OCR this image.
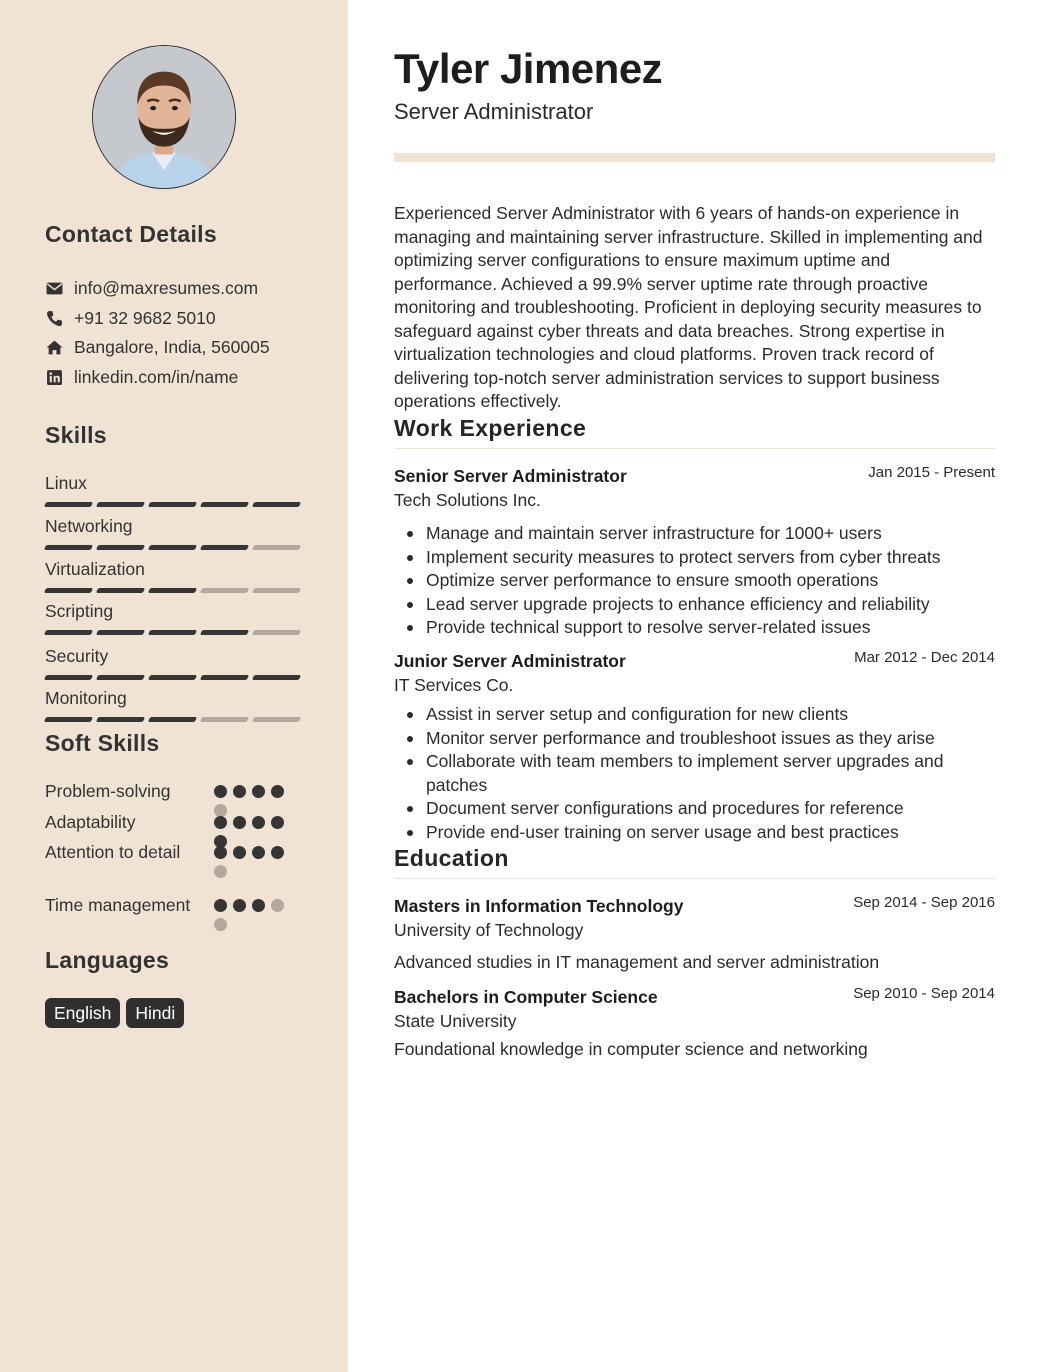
Contact Details
info@maxresumes.com
+91 32 9682 5010
Bangalore, India, 560005
linkedin.com/in/name
Skills
Linux
Networking
Virtualization
Scripting
Security
Monitoring
Soft Skills
Problem-solving
Adaptability
Attention to detail
Time management
Languages
English	Hindi
Tyler Jimenez
Server Administrator

Experienced Server Administrator with 6 years of hands-on experience in managing and maintaining server infrastructure. Skilled in implementing and optimizing server configurations to ensure maximum uptime and performance. Achieved a 99.9% server uptime rate through proactive monitoring and troubleshooting. Proficient in deploying security measures to safeguard against cyber threats and data breaches. Strong expertise in virtualization technologies and cloud platforms. Proven track record of delivering top-notch server administration services to support business operations effectively.

Work Experience
Senior Server Administrator	Jan 2015 - Present
Tech Solutions Inc.
Manage and maintain server infrastructure for 1000+ users
Implement security measures to protect servers from cyber threats
Optimize server performance to ensure smooth operations
Lead server upgrade projects to enhance efficiency and reliability
Provide technical support to resolve server-related issues
Junior Server Administrator	Mar 2012 - Dec 2014
IT Services Co.
Assist in server setup and configuration for new clients
Monitor server performance and troubleshoot issues as they arise
Collaborate with team members to implement server upgrades and patches
Document server configurations and procedures for reference
Provide end-user training on server usage and best practices
Education
Masters in Information Technology	Sep 2014 - Sep 2016
University of Technology
Advanced studies in IT management and server administration
Bachelors in Computer Science	Sep 2010 - Sep 2014
State University
Foundational knowledge in computer science and networking
